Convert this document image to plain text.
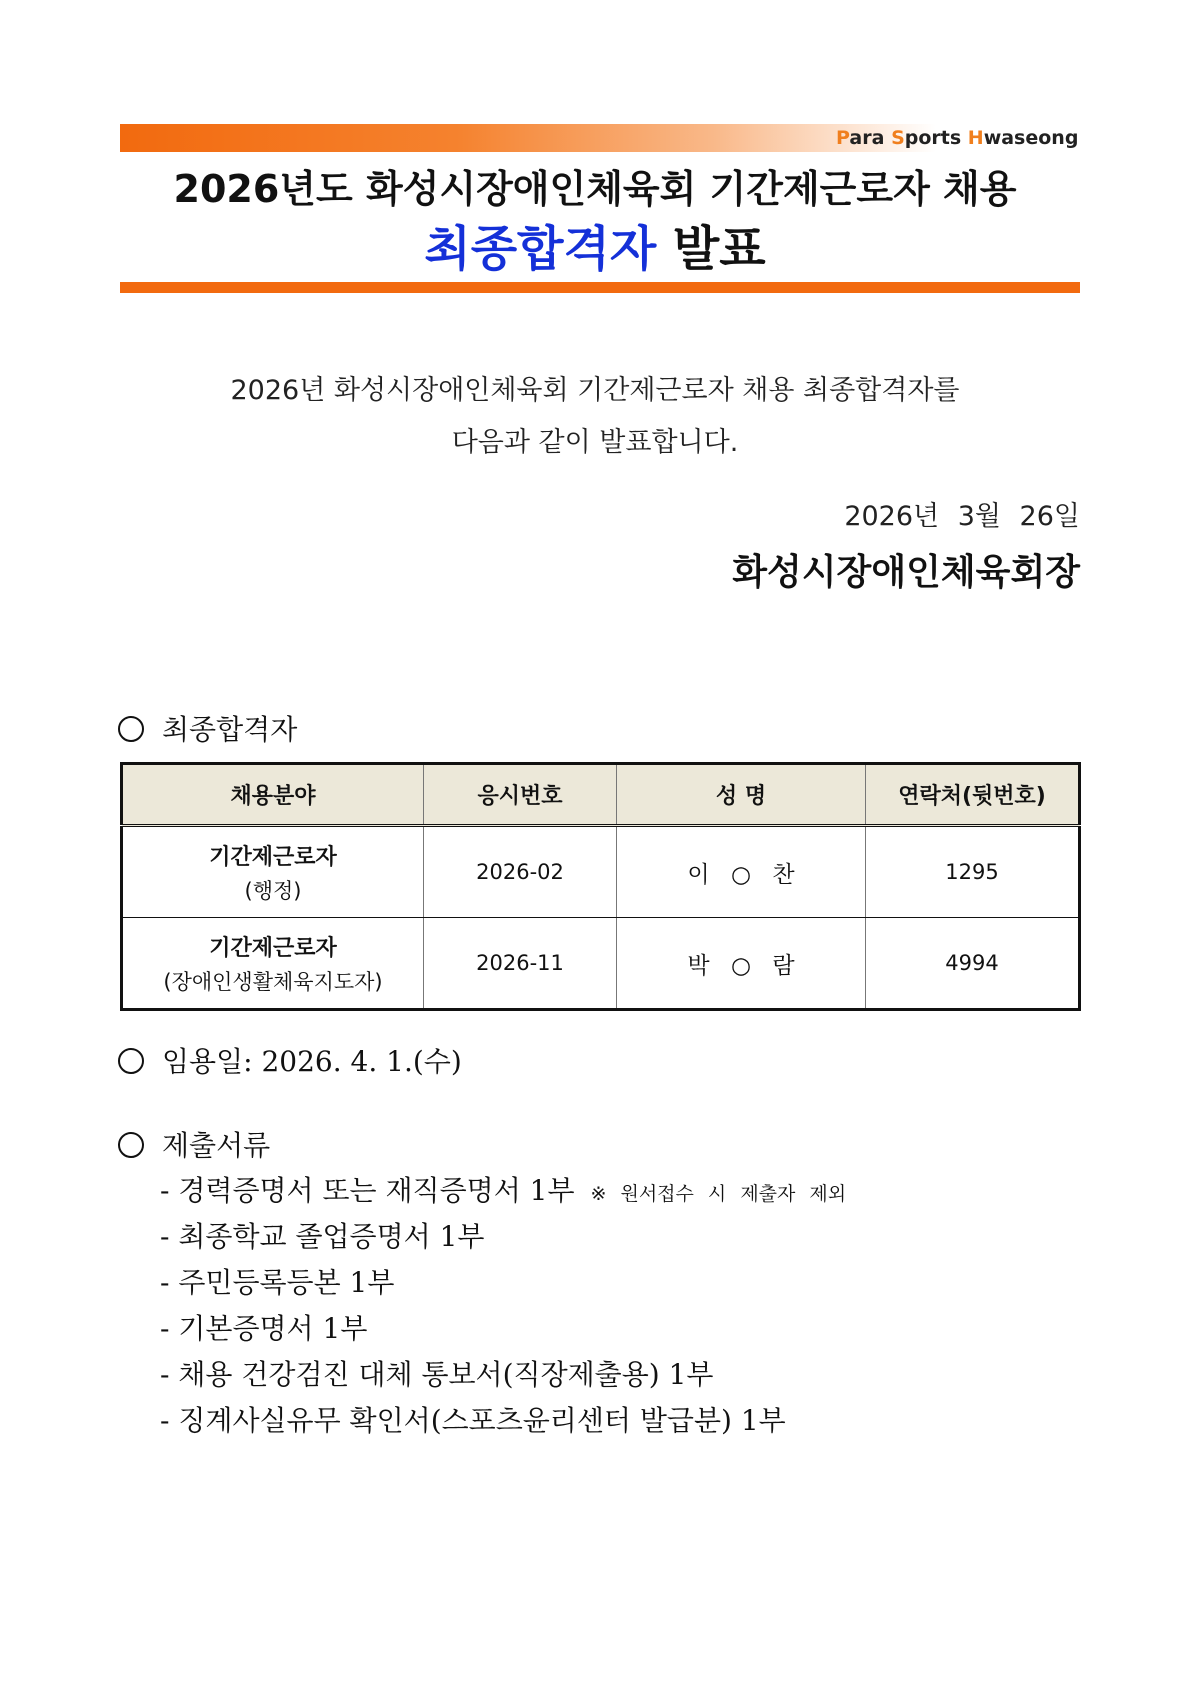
Para Sports Hwaseong
2026년도 화성시장애인체육회 기간제근로자 채용
최종합격자 발표
2026년 화성시장애인체육회 기간제근로자 채용 최종합격자를
다음과 같이 발표합니다.
2026년 3월 26일
화성시장애인체육회장
최종합격자
채용분야	응시번호	성 명	연락처(뒷번호)

기간제근로자
(행정)	2026-02	이 ○ 찬	1295

기간제근로자
(장애인생활체육지도자)	2026-11	박 ○ 람	4994
임용일: 2026. 4. 1.(수)
제출서류
- 경력증명서 또는 재직증명서 1부 ※ 원서접수 시 제출자 제외
- 최종학교 졸업증명서 1부
- 주민등록등본 1부
- 기본증명서 1부
- 채용 건강검진 대체 통보서(직장제출용) 1부
- 징계사실유무 확인서(스포츠윤리센터 발급분) 1부
